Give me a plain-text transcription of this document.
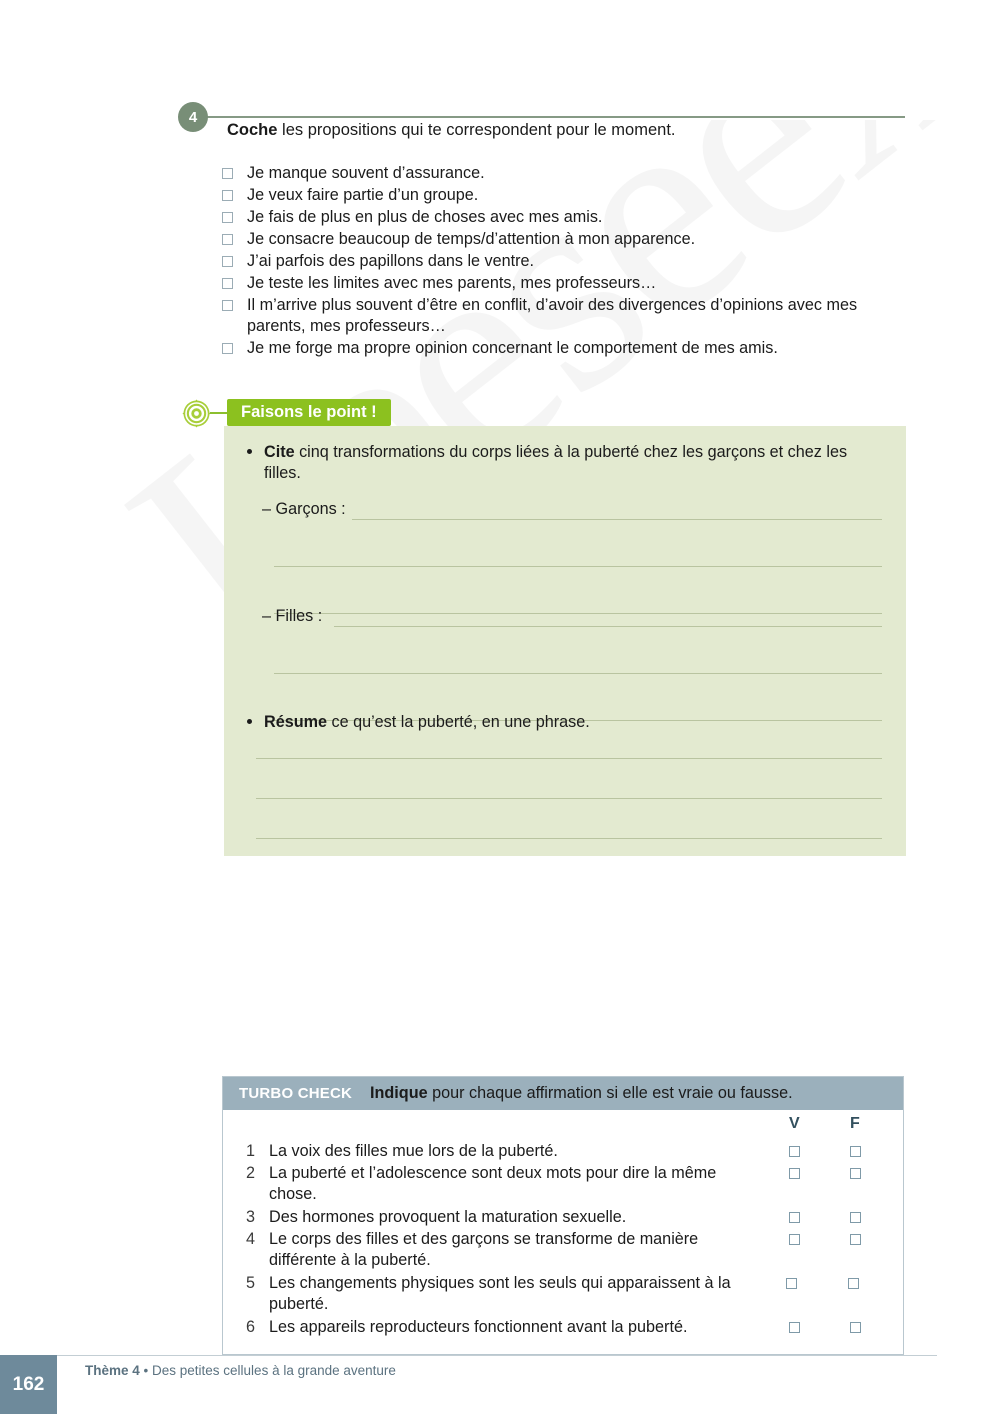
4
Coche les propositions qui te correspondent pour le moment.
Je manque souvent d’assurance.
Je veux faire partie d’un groupe.
Je fais de plus en plus de choses avec mes amis.
Je consacre beaucoup de temps/d’attention à mon apparence.
J’ai parfois des papillons dans le ventre.
Je teste les limites avec mes parents, mes professeurs…
Il m’arrive plus souvent d’être en conflit, d’avoir des divergences d’opinions avec mes parents, mes professeurs…
Je me forge ma propre opinion concernant le comportement de mes amis.
Faisons le point !
Cite cinq transformations du corps liées à la puberté chez les garçons et chez les filles.
– Garçons :
– Filles :
Résume ce qu’est la puberté, en une phrase.
TURBO CHECK	Indique pour chaque affirmation si elle est vraie ou fausse.
V	F
1 La voix des filles mue lors de la puberté.
2 La puberté et l’adolescence sont deux mots pour dire la même chose.
3 Des hormones provoquent la maturation sexuelle.
4 Le corps des filles et des garçons se transforme de manière différente à la puberté.
5 Les changements physiques sont les seuls qui apparaissent à la puberté.
6 Les appareils reproducteurs fonctionnent avant la puberté.
162
Thème 4 • Des petites cellules à la grande aventure
